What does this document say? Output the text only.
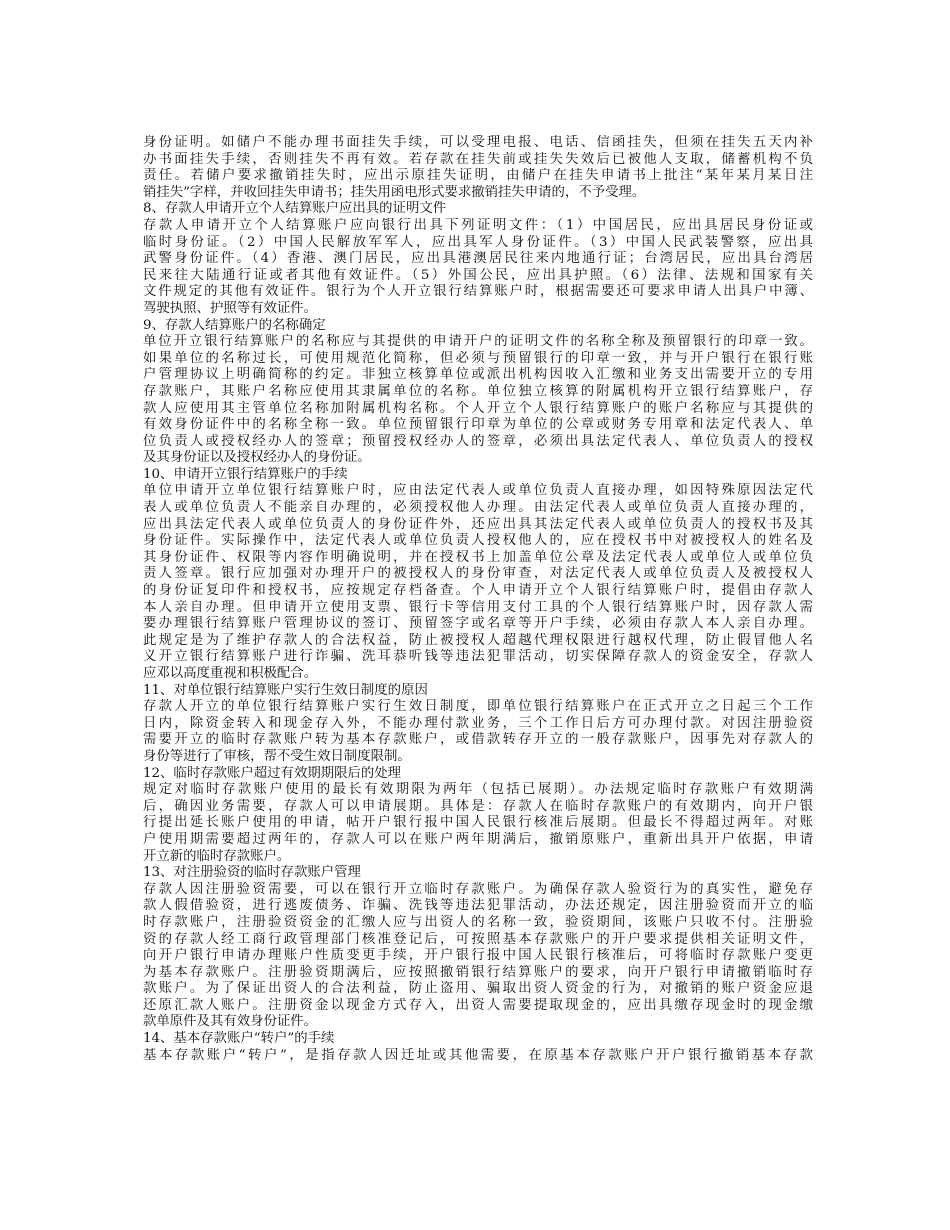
身份证明。如储户不能办理书面挂失手续，可以受理电报、电话、信函挂失，但须在挂失五天内补
办书面挂失手续，否则挂失不再有效。若存款在挂失前或挂失失效后已被他人支取，储蓄机构不负
责任。若储户要求撤销挂失时，应出示原挂失证明，由储户在挂失申请书上批注“某年某月某日注
销挂失”字样，并收回挂失申请书；挂失用函电形式要求撤销挂失申请的，不予受理。
8、存款人申请开立个人结算账户应出具的证明文件
存款人申请开立个人结算账户应向银行出具下列证明文件：（1）中国居民，应出具居民身份证或
临时身份证。（2）中国人民解放军军人，应出具军人身份证件。（3）中国人民武装警察，应出具
武警身份证件。（4）香港、澳门居民，应出具港澳居民往来内地通行证；台湾居民，应出具台湾居
民来往大陆通行证或者其他有效证件。（5）外国公民，应出具护照。（6）法律、法规和国家有关
文件规定的其他有效证件。银行为个人开立银行结算账户时，根据需要还可要求申请人出具户中簿、
驾驶执照、护照等有效证件。
9、存款人结算账户的名称确定
单位开立银行结算账户的名称应与其提供的申请开户的证明文件的名称全称及预留银行的印章一致。
如果单位的名称过长，可使用规范化简称，但必须与预留银行的印章一致，并与开户银行在银行账
户管理协议上明确简称的约定。非独立核算单位或派出机构因收入汇缴和业务支出需要开立的专用
存款账户，其账户名称应使用其隶属单位的名称。单位独立核算的附属机构开立银行结算账户，存
款人应使用其主管单位名称加附属机构名称。个人开立个人银行结算账户的账户名称应与其提供的
有效身份证件中的名称全称一致。单位预留银行印章为单位的公章或财务专用章和法定代表人、单
位负责人或授权经办人的签章；预留授权经办人的签章，必须出具法定代表人、单位负责人的授权
及其身份证以及授权经办人的身份证。
10、申请开立银行结算账户的手续
单位申请开立单位银行结算账户时，应由法定代表人或单位负责人直接办理，如因特殊原因法定代
表人或单位负责人不能亲自办理的，必须授权他人办理。由法定代表人或单位负责人直接办理的，
应出具法定代表人或单位负责人的身份证件外，还应出具其法定代表人或单位负责人的授权书及其
身份证件。实际操作中，法定代表人或单位负责人授权他人的，应在授权书中对被授权人的姓名及
其身份证件、权限等内容作明确说明，并在授权书上加盖单位公章及法定代表人或单位人或单位负
责人签章。银行应加强对办理开户的被授权人的身份审查，对法定代表人或单位负责人及被授权人
的身份证复印件和授权书，应按规定存档备查。个人申请开立个人银行结算账户时，提倡由存款人
本人亲自办理。但申请开立使用支票、银行卡等信用支付工具的个人银行结算账户时，因存款人需
要办理银行结算账户管理协议的签订、预留签字或名章等开户手续，必须由存款人本人亲自办理。
此规定是为了维护存款人的合法权益，防止被授权人超越代理权限进行越权代理，防止假冒他人名
义开立银行结算账户进行诈骗、洗耳恭听钱等违法犯罪活动，切实保障存款人的资金安全，存款人
应邓以高度重视和积极配合。
11、对单位银行结算账户实行生效日制度的原因
存款人开立的单位银行结算账户实行生效日制度，即单位银行结算账户在正式开立之日起三个工作
日内，除资金转入和现金存入外，不能办理付款业务，三个工作日后方可办理付款。对因注册验资
需要开立的临时存款账户转为基本存款账户，或借款转存开立的一般存款账户，因事先对存款人的
身份等进行了审核，帮不受生效日制度限制。
12、临时存款账户超过有效期期限后的处理
规定对临时存款账户使用的最长有效期限为两年（包括已展期）。办法规定临时存款账户有效期满
后，确因业务需要，存款人可以申请展期。具体是：存款人在临时存款账户的有效期内，向开户银
行提出延长账户使用的申请，帖开户银行报中国人民银行核准后展期。但最长不得超过两年。对账
户使用期需要超过两年的，存款人可以在账户两年期满后，撤销原账户，重新出具开户依据，申请
开立新的临时存款账户。
13、对注册验资的临时存款账户管理
存款人因注册验资需要，可以在银行开立临时存款账户。为确保存款人验资行为的真实性，避免存
款人假借验资，进行逃废债务、诈骗、洗钱等违法犯罪活动，办法还规定，因注册验资而开立的临
时存款账户，注册验资资金的汇缴人应与出资人的名称一致，验资期间，该账户只收不付。注册验
资的存款人经工商行政管理部门核准登记后，可按照基本存款账户的开户要求提供相关证明文件，
向开户银行申请办理账户性质变更手续，开户银行报中国人民银行核准后，可将临时存款账户变更
为基本存款账户。注册验资期满后，应按照撤销银行结算账户的要求，向开户银行申请撤销临时存
款账户。为了保证出资人的合法利益，防止盗用、骗取出资人资金的行为，对撤销的账户资金应退
还原汇款人账户。注册资金以现金方式存入，出资人需要提取现金的，应出具缴存现金时的现金缴
款单原件及其有效身份证件。
14、基本存款账户“转户”的手续
基本存款账户“转户”，是指存款人因迁址或其他需要，在原基本存款账户开户银行撤销基本存款
